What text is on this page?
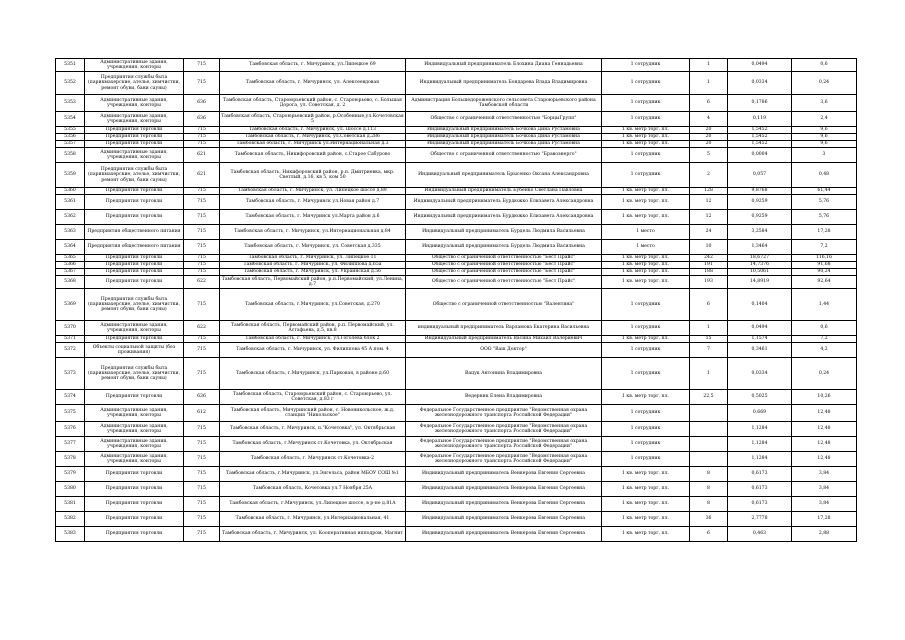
5351	Административные здания, учреждения, конторы	715	Тамбовская область, г. Мичуринск, ул.Липецкое 69	Индивидуальный предприниматель Блохина Диана Геннадьевна	1 сотрудник	1	0,0494	0,6
5352	Предприятия службы быта (парикмахерские, ателье, химчистки, ремонт обуви, бани сауны)	715	Тамбовская область, г. Мичуринск, ул. Алексеевдовая	Индивидуальный предприниматель Бондарева Влада Владимировна	1 сотрудник	1	0,0334	0,24
5353	Административные здания, учреждения, конторы	636	Тамбовская область, Староюрьевский район, с. Староюрьево, с. Большая Дорога, ул. Советская, д. 2	Администрация Большедороженского сельсовета Староюрьевского района Тамбовской области	1 сотрудник	6	0,1786	3,6
5354	Административные здания, учреждения, конторы	636	Тамбовская область, Староюрьевский район, р.Особенные,ул.Кочетовская 5	Общество с ограниченной ответственностью "БорцыГрупп"	1 сотрудник	4	0,119	2,4
5355	Предприятия торговли	715	Тамбовская область, г. Мичуринск, ул. Шоссе д.113	Индивидуальный предприниматель Бочкова Дина Рустамовна	1 кв. метр торг. пл.	20	1,5452	9,6
5356	Предприятия торговли	715	Тамбовская область, г. Мичуринск, ул.Советская д.286	Индивидуальный предприниматель Бочкова Дина Рустамовна	1 кв. метр торг. пл.	20	1,5452	9,6
5357	Предприятия торговли	715	Тамбовская область, г. Мичуринск ул.Интернациональная д.3	Индивидуальный предприниматель Бочкова Дина Рустамовна	1 кв. метр торг. пл.	20	1,5452	9,6
5358	Административные здания, учреждения, конторы	621	Тамбовская область, Никифоровский район, с.Старое Сабурово	Общество с ограниченной ответственностью "Бравоэнерго"	1 сотрудник	5	0,0004	3
5359	Предприятия службы быта (парикмахерские, ателье, химчистки, ремонт обуви, бани сауны)	621	Тамбовская область, Никифоровский район, р.п. Дмитриевка, мкр. Светлый, д.16, кв 5, ком 50	Индивидуальный предприниматель Брысенко Оксана Александровна	1 сотрудник	2	0,057	0,48
5360	Предприятия торговли	715	Тамбовская область, г. Мичуринск, ул. Липецкое шоссе д.89	Индивидуальный предприниматель Бубенко Светлана Павловна	1 кв. метр торг. пл.	128	9,8768	61,44
5361	Предприятия торговли	715	Тамбовская область, г. Мичуринск ул.Новая район д.7	Индивидуальный предприниматель Бурдюжко Елизавета Александровна	1 кв. метр торг. пл.	12	0,9259	5,76
5362	Предприятия торговли	715	Тамбовская область, г. Мичуринск ул.Марта район д.6	Индивидуальный предприниматель Бурдюжко Елизавета Александровна	1 кв. метр торг. пл.	12	0,9259	5,76
5363	Предприятия общественного питания	715	Тамбовская область, г. Мичуринск, ул.Интернациональная д.84	Индивидуальный предприниматель Бурдель Людмила Васильевна	1 место	24	3,2584	17,28
5364	Предприятия общественного питания	715	Тамбовская область, г. Мичуринск, ул. Советская д.335	Индивидуальный предприниматель Бурдель Людмила Васильевна	1 место	10	1,3464	7,2
5365	Предприятия торговли	715	Тамбовская область, г. Мичуринск, ул. Липецкое 11	Общество с ограниченной ответственностью "Бест Прайс"	1 кв. метр торг. пл.	242	18,6727	116,16
5366	Предприятия торговли	715	Тамбовская область, г. Мичуринск, ул. Филиппова д.65а	Общество с ограниченной ответственностью "Бест Прайс"	1 кв. метр торг. пл.	191	14,7376	91,68
5367	Предприятия торговли	715	Тамбовская область, г. Мичуринск, ул. Украинская д.56	Общество с ограниченной ответственностью "Бест Прайс"	1 кв. метр торг. пл.	188	10,5061	90,24
5368	Предприятия торговли	622	Тамбовская область, Первомайский район, р.п.Первомайский, ул.Ленина, д.7	Общество с ограниченной ответственностью "Бест Прайс"	1 кв. метр торг. пл.	193	14,8919	92,64
5369	Предприятия службы быта (парикмахерские, ателье, химчистки, ремонт обуви, бани сауны)	715	Тамбовская область, г.Мичуринск, ул.Советская, д.270	Общество с ограниченной ответственностью "Валентина"	1 сотрудник	6	0,1404	1,44
5370	Административные здания, учреждения, конторы	622	Тамбовская область, Первомайский район, р.п. Первомайский, ул. Астафьева, д.5, кв.8	индивидуальный предприниматель Варламова Екатерина Васильевна	1 сотрудник	1	0,0494	0,6
5371	Предприятия торговли	715	Тамбовская область, г. Мичуринск, ул.Гоголева блок 2	Индивидуальный предприниматель Васина Михаил Валериевич	1 кв. метр торг. пл.	15	1,1574	7,2
5372	Объекты социальной защиты (без проживания)	715	Тамбовская область, г. Мичуринск, ул. Филиппова 45 А пом. 4	ООО "Ваш Доктор"	1 сотрудник	7	0,3461	4,2
5373	Предприятия службы быта (парикмахерские, ателье, химчистки, ремонт обуви, бани сауны)	715	Тамбовская область, г.Мичуринск, ул.Парковая, в районе д.60	Вацук Антонина Владимировна	1 сотрудник	1	0,0334	0,24
5374	Предприятия торговли	636	Тамбовская область, Староюрьевский район, с. Староюрьево, ул. Советская, д.83 г	Ведерник Елена Владимировна	1 кв. метр торг. пл.	22,5	0,5025	10,26
5375	Административные здания, учреждения, конторы	612	Тамбовская область, Мичуринский район, с. Новоникольское, ж.д. станция "Никольское"	Федеральное Государственное предприятие "Ведомственная охрана железнодорожного транспорта Российской Федерации"	1 сотрудник		0,669	12,48
5376	Административные здания, учреждения, конторы	715	Тамбовская область, г. Мичуринск, п."Кочетовка", ул. Октябрьская	Федеральное Государственное предприятие "Ведомственная охрана железнодорожного транспорта Российской Федерации"	1 сотрудник		1,1284	12,48
5377	Административные здания, учреждения, конторы	715	Тамбовская область, г.Мичуринск ст.Кочетовка, ул. Октябрьская	Федеральное Государственное предприятие "Ведомственная охрана железнодорожного транспорта Российской Федерации"	1 сотрудник		1,1284	12,48
5378	Административные здания, учреждения, конторы	715	Тамбовская область, г. Мичуринск ст.Кочетовка-2	Федеральное Государственное предприятие "Ведомственная охрана железнодорожного транспорта Российской Федерации"	1 сотрудник		1,1284	12,48
5379	Предприятия торговли	715	Тамбовская область, г.Мичуринск, ул.Энгельса, район МБОУ СОШ №1	Индивидуальный предприниматель Венкерова Евгения Сергеевна	1 кв. метр торг. пл.	8	0,6173	3,84
5380	Предприятия торговли	715	Тамбовская область, Кочетовка ул.7 Ноября 25А	Индивидуальный предприниматель Венкерова Евгения Сергеевна	1 кв. метр торг. пл.	8	0,6173	3,84
5381	Предприятия торговли	715	Тамбовская область, г.Мичуринск, ул.Липецкое шоссе, в р-не д.81А	Индивидуальный предприниматель Венкерова Евгения Сергеевна	1 кв. метр торг. пл.	8	0,6173	3,84
5382	Предприятия торговли	715	Тамбовская область, г. Мичуринск, ул.Интернациональная, 41	Индивидуальный предприниматель Венкерова Евгения Сергеевна	1 кв. метр торг. пл.	36	2,7778	17,28
5383	Предприятия торговли	715	Тамбовская область, г. Мичуринск, ул. Кооперативная ипподром, Магнит	Индивидуальный предприниматель Венкерова Евгения Сергеевна	1 кв. метр торг. пл.	6	0,463	2,88
